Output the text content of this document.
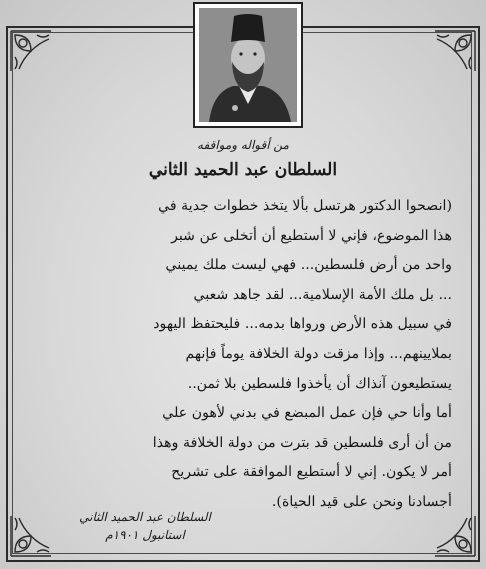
من أقواله ومواقفه
السلطان عبد الحميد الثاني

(انصحوا الدكتور هرتسل بألا يتخذ خطوات جدية في

هذا الموضوع، فإني لا أستطيع أن أتخلى عن شبر

واحد من أرض فلسطين... فهي ليست ملك يميني

... بل ملك الأمة الإسلامية... لقد جاهد شعبي

في سبيل هذه الأرض ورواها بدمه... فليحتفظ اليهود

بملايينهم... وإذا مزقت دولة الخلافة يوماً فإنهم

يستطيعون آنذاك أن يأخذوا فلسطين بلا ثمن..

أما وأنا حي فإن عمل المبضع في بدني لأهون علي

من أن أرى فلسطين قد بترت من دولة الخلافة وهذا

أمر لا يكون. إني لا أستطيع الموافقة على تشريح

أجسادنا ونحن على قيد الحياة).

السلطان عبد الحميد الثاني
استانبول ١٩٠١م
